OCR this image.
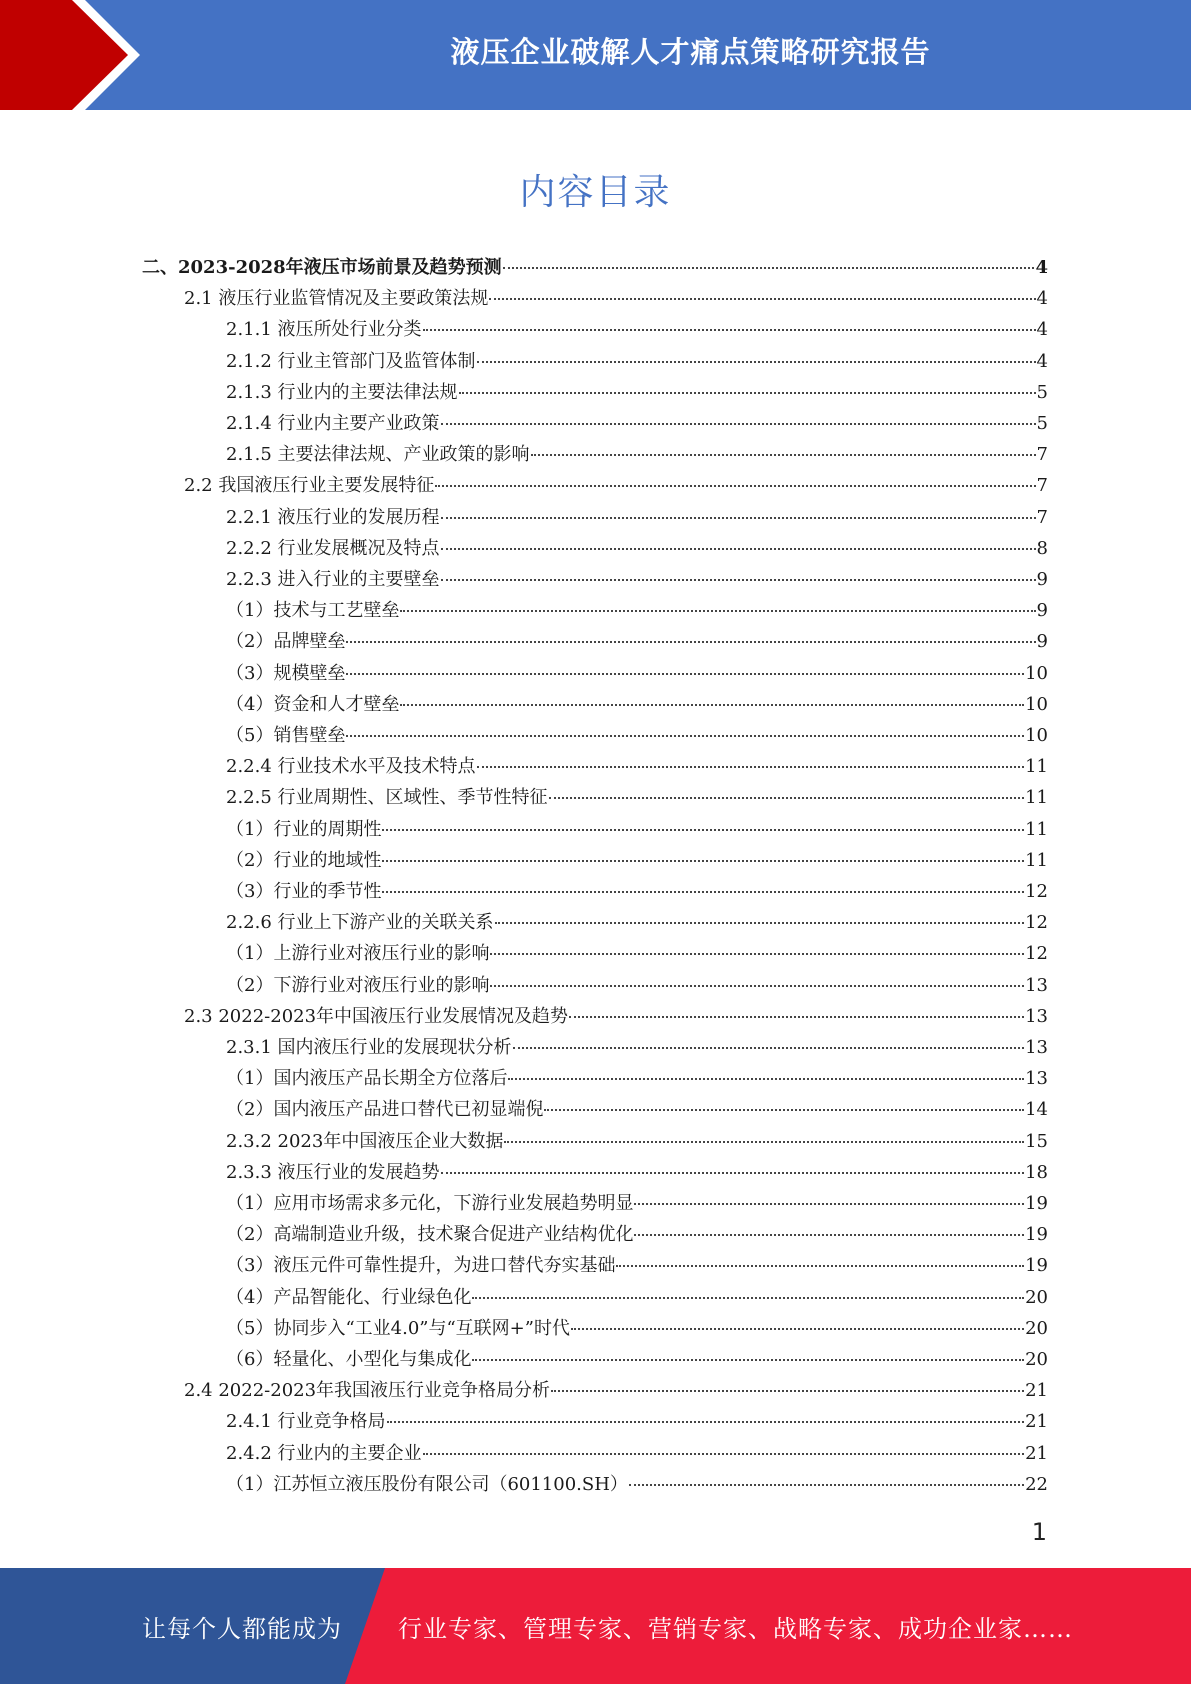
液压企业破解人才痛点策略研究报告
内容目录
二、2023-2028年液压市场前景及趋势预测	4
2.1 液压行业监管情况及主要政策法规	4
2.1.1 液压所处行业分类	4
2.1.2 行业主管部门及监管体制	4
2.1.3 行业内的主要法律法规	5
2.1.4 行业内主要产业政策	5
2.1.5 主要法律法规、产业政策的影响	7
2.2 我国液压行业主要发展特征	7
2.2.1 液压行业的发展历程	7
2.2.2 行业发展概况及特点	8
2.2.3 进入行业的主要壁垒	9
（1）技术与工艺壁垒	9
（2）品牌壁垒	9
（3）规模壁垒	10
（4）资金和人才壁垒	10
（5）销售壁垒	10
2.2.4 行业技术水平及技术特点	11
2.2.5 行业周期性、区域性、季节性特征	11
（1）行业的周期性	11
（2）行业的地域性	11
（3）行业的季节性	12
2.2.6 行业上下游产业的关联关系	12
（1）上游行业对液压行业的影响	12
（2）下游行业对液压行业的影响	13
2.3 2022-2023年中国液压行业发展情况及趋势	13
2.3.1 国内液压行业的发展现状分析	13
（1）国内液压产品长期全方位落后	13
（2）国内液压产品进口替代已初显端倪	14
2.3.2 2023年中国液压企业大数据	15
2.3.3 液压行业的发展趋势	18
（1）应用市场需求多元化，下游行业发展趋势明显	19
（2）高端制造业升级，技术聚合促进产业结构优化	19
（3）液压元件可靠性提升，为进口替代夯实基础	19
（4）产品智能化、行业绿色化	20
（5）协同步入“工业4.0”与“互联网+”时代	20
（6）轻量化、小型化与集成化	20
2.4 2022-2023年我国液压行业竞争格局分析	21
2.4.1 行业竞争格局	21
2.4.2 行业内的主要企业	21
（1）江苏恒立液压股份有限公司（601100.SH）	22
1
让每个人都能成为 行业专家、管理专家、营销专家、战略专家、成功企业家……
